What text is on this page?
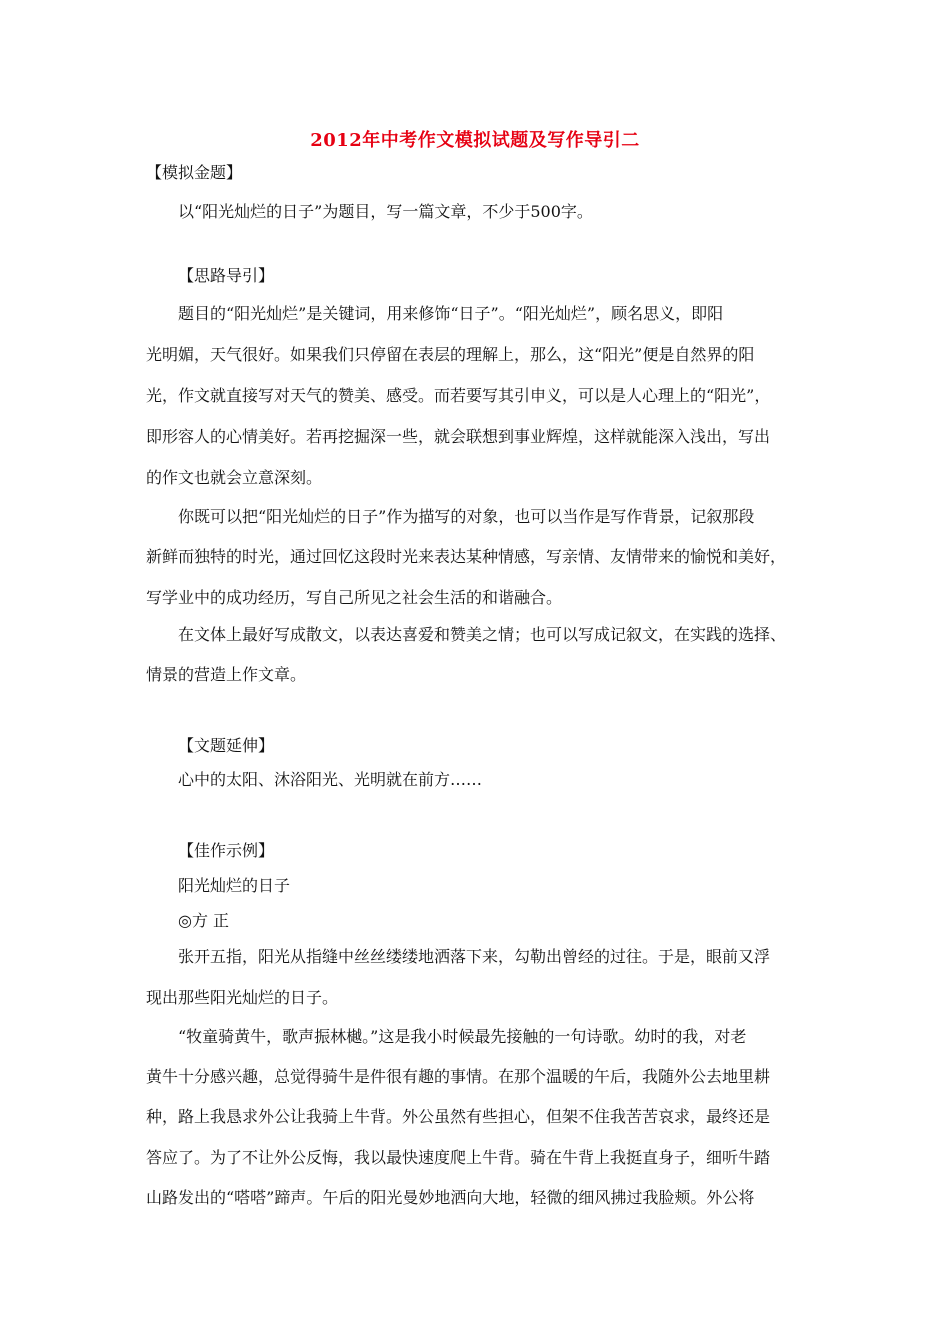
2012年中考作文模拟试题及写作导引二
【模拟金题】
以“阳光灿烂的日子”为题目，写一篇文章，不少于500字。
【思路导引】
题目的“阳光灿烂”是关键词，用来修饰“日子”。“阳光灿烂”，顾名思义，即阳
光明媚，天气很好。如果我们只停留在表层的理解上，那么，这“阳光”便是自然界的阳
光，作文就直接写对天气的赞美、感受。而若要写其引申义，可以是人心理上的“阳光”，
即形容人的心情美好。若再挖掘深一些，就会联想到事业辉煌，这样就能深入浅出，写出
的作文也就会立意深刻。
你既可以把“阳光灿烂的日子”作为描写的对象，也可以当作是写作背景，记叙那段
新鲜而独特的时光，通过回忆这段时光来表达某种情感，写亲情、友情带来的愉悦和美好，
写学业中的成功经历，写自己所见之社会生活的和谐融合。
在文体上最好写成散文，以表达喜爱和赞美之情；也可以写成记叙文，在实践的选择、
情景的营造上作文章。
【文题延伸】
心中的太阳、沐浴阳光、光明就在前方……
【佳作示例】
阳光灿烂的日子
◎方 正
张开五指，阳光从指缝中丝丝缕缕地洒落下来，勾勒出曾经的过往。于是，眼前又浮
现出那些阳光灿烂的日子。
“牧童骑黄牛，歌声振林樾。”这是我小时候最先接触的一句诗歌。幼时的我，对老
黄牛十分感兴趣，总觉得骑牛是件很有趣的事情。在那个温暖的午后，我随外公去地里耕
种，路上我恳求外公让我骑上牛背。外公虽然有些担心，但架不住我苦苦哀求，最终还是
答应了。为了不让外公反悔，我以最快速度爬上牛背。骑在牛背上我挺直身子，细听牛踏
山路发出的“嗒嗒”蹄声。午后的阳光曼妙地洒向大地，轻微的细风拂过我脸颊。外公将
